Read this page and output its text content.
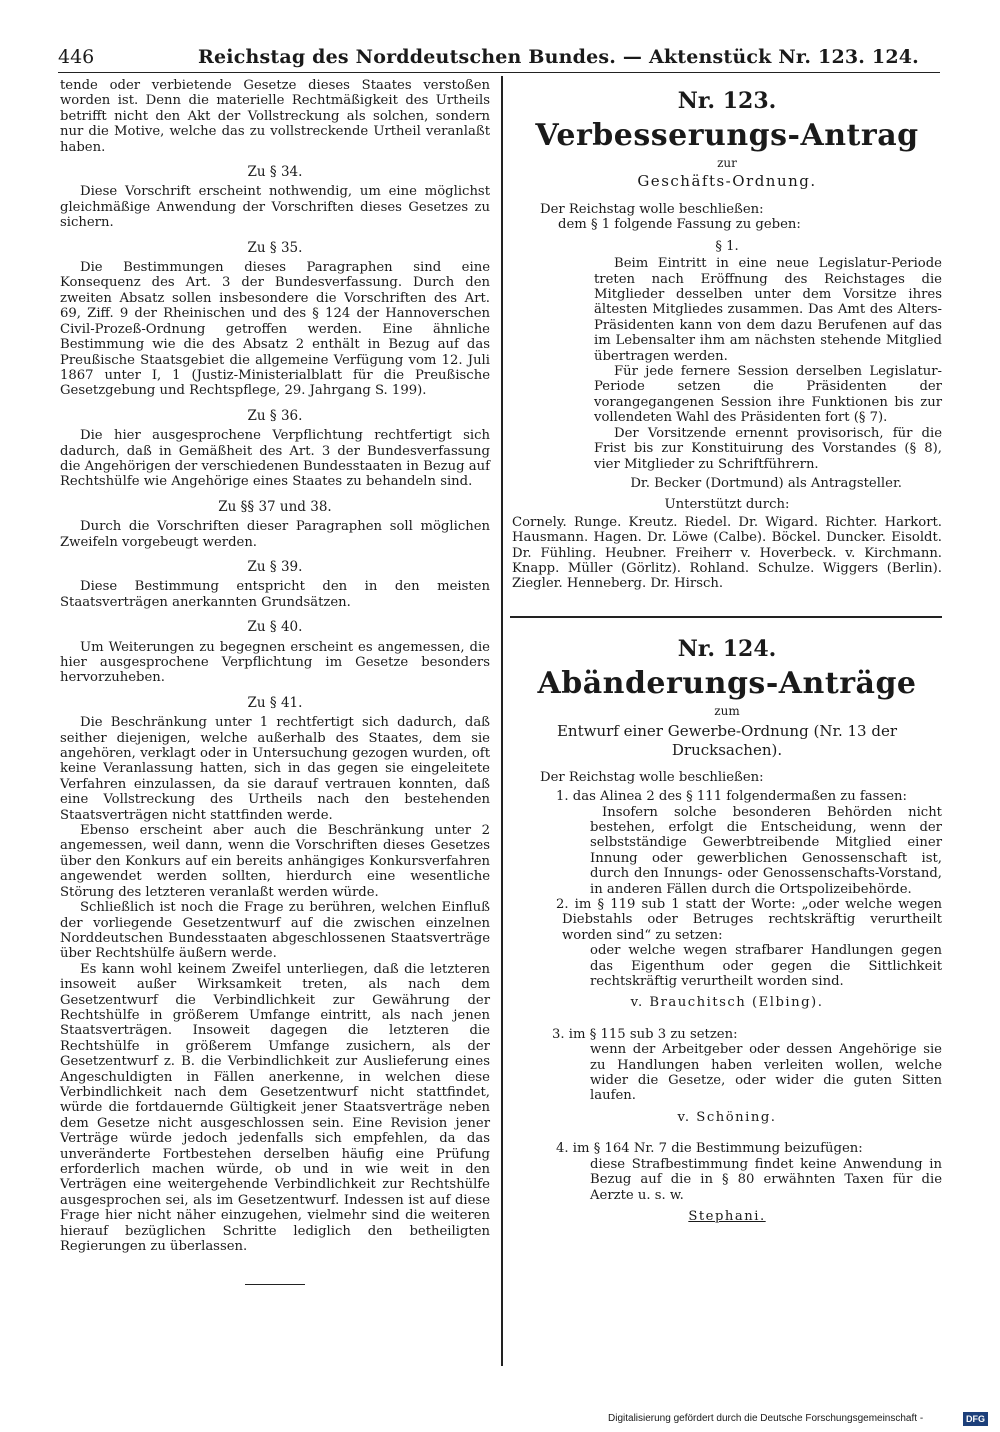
446	Reichstag des Norddeutschen Bundes. — Aktenstück Nr. 123. 124.

tende oder verbietende Gesetze dieses Staates verstoßen worden ist. Denn die materielle Rechtmäßigkeit des Urtheils betrifft nicht den Akt der Vollstreckung als solchen, sondern nur die Motive, welche das zu vollstreckende Urtheil veranlaßt haben.

Zu § 34.

Diese Vorschrift erscheint nothwendig, um eine möglichst gleichmäßige Anwendung der Vorschriften dieses Gesetzes zu sichern.

Zu § 35.

Die Bestimmungen dieses Paragraphen sind eine Konsequenz des Art. 3 der Bundesverfassung. Durch den zweiten Absatz sollen insbesondere die Vorschriften des Art. 69, Ziff. 9 der Rheinischen und des § 124 der Hannoverschen Civil-Prozeß-Ordnung getroffen werden. Eine ähnliche Bestimmung wie die des Absatz 2 enthält in Bezug auf das Preußische Staatsgebiet die allgemeine Verfügung vom 12. Juli 1867 unter I, 1 (Justiz-Ministerialblatt für die Preußische Gesetzgebung und Rechtspflege, 29. Jahrgang S. 199).

Zu § 36.

Die hier ausgesprochene Verpflichtung rechtfertigt sich dadurch, daß in Gemäßheit des Art. 3 der Bundesverfassung die Angehörigen der verschiedenen Bundesstaaten in Bezug auf Rechtshülfe wie Angehörige eines Staates zu behandeln sind.

Zu §§ 37 und 38.

Durch die Vorschriften dieser Paragraphen soll möglichen Zweifeln vorgebeugt werden.

Zu § 39.

Diese Bestimmung entspricht den in den meisten Staatsverträgen anerkannten Grundsätzen.

Zu § 40.

Um Weiterungen zu begegnen erscheint es angemessen, die hier ausgesprochene Verpflichtung im Gesetze besonders hervorzuheben.

Zu § 41.

Die Beschränkung unter 1 rechtfertigt sich dadurch, daß seither diejenigen, welche außerhalb des Staates, dem sie angehören, verklagt oder in Untersuchung gezogen wurden, oft keine Veranlassung hatten, sich in das gegen sie eingeleitete Verfahren einzulassen, da sie darauf vertrauen konnten, daß eine Vollstreckung des Urtheils nach den bestehenden Staatsverträgen nicht stattfinden werde.

Ebenso erscheint aber auch die Beschränkung unter 2 angemessen, weil dann, wenn die Vorschriften dieses Gesetzes über den Konkurs auf ein bereits anhängiges Konkursverfahren angewendet werden sollten, hierdurch eine wesentliche Störung des letzteren veranlaßt werden würde.

Schließlich ist noch die Frage zu berühren, welchen Einfluß der vorliegende Gesetzentwurf auf die zwischen einzelnen Norddeutschen Bundesstaaten abgeschlossenen Staatsverträge über Rechtshülfe äußern werde.

Es kann wohl keinem Zweifel unterliegen, daß die letzteren insoweit außer Wirksamkeit treten, als nach dem Gesetzentwurf die Verbindlichkeit zur Gewährung der Rechtshülfe in größerem Umfange eintritt, als nach jenen Staatsverträgen. Insoweit dagegen die letzteren die Rechtshülfe in größerem Umfange zusichern, als der Gesetzentwurf z. B. die Verbindlichkeit zur Auslieferung eines Angeschuldigten in Fällen anerkenne, in welchen diese Verbindlichkeit nach dem Gesetzentwurf nicht stattfindet, würde die fortdauernde Gültigkeit jener Staatsverträge neben dem Gesetze nicht ausgeschlossen sein. Eine Revision jener Verträge würde jedoch jedenfalls sich empfehlen, da das unveränderte Fortbestehen derselben häufig eine Prüfung erforderlich machen würde, ob und in wie weit in den Verträgen eine weitergehende Verbindlichkeit zur Rechtshülfe ausgesprochen sei, als im Gesetzentwurf. Indessen ist auf diese Frage hier nicht näher einzugehen, vielmehr sind die weiteren hierauf bezüglichen Schritte lediglich den betheiligten Regierungen zu überlassen.

Nr. 123.
Verbesserungs-Antrag
zur
Geschäfts-Ordnung.

Der Reichstag wolle beschließen:

dem § 1 folgende Fassung zu geben:

§ 1.

Beim Eintritt in eine neue Legislatur-Periode treten nach Eröffnung des Reichstages die Mitglieder desselben unter dem Vorsitze ihres ältesten Mitgliedes zusammen. Das Amt des Alters-Präsidenten kann von dem dazu Berufenen auf das im Lebensalter ihm am nächsten stehende Mitglied übertragen werden.

Für jede fernere Session derselben Legislatur-Periode setzen die Präsidenten der vorangegangenen Session ihre Funktionen bis zur vollendeten Wahl des Präsidenten fort (§ 7).

Der Vorsitzende ernennt provisorisch, für die Frist bis zur Konstituirung des Vorstandes (§ 8), vier Mitglieder zu Schriftführern.

Dr. Becker (Dortmund) als Antragsteller.
Unterstützt durch:

Cornely. Runge. Kreutz. Riedel. Dr. Wigard. Richter. Harkort. Hausmann. Hagen. Dr. Löwe (Calbe). Böckel. Duncker. Eisoldt. Dr. Fühling. Heubner. Freiherr v. Hoverbeck. v. Kirchmann. Knapp. Müller (Görlitz). Rohland. Schulze. Wiggers (Berlin). Ziegler. Henneberg. Dr. Hirsch.

Nr. 124.
Abänderungs-Anträge
zum
Entwurf einer Gewerbe-Ordnung (Nr. 13 der Drucksachen).

Der Reichstag wolle beschließen:

1. das Alinea 2 des § 111 folgendermaßen zu fassen:

Insofern solche besonderen Behörden nicht bestehen, erfolgt die Entscheidung, wenn der selbstständige Gewerbtreibende Mitglied einer Innung oder gewerblichen Genossenschaft ist, durch den Innungs- oder Genossenschafts-Vorstand, in anderen Fällen durch die Ortspolizeibehörde.

2. im § 119 sub 1 statt der Worte: „oder welche wegen Diebstahls oder Betruges rechtskräftig verurtheilt worden sind“ zu setzen:

oder welche wegen strafbarer Handlungen gegen das Eigenthum oder gegen die Sittlichkeit rechtskräftig verurtheilt worden sind.

v. Brauchitsch (Elbing).

3. im § 115 sub 3 zu setzen:

wenn der Arbeitgeber oder dessen Angehörige sie zu Handlungen haben verleiten wollen, welche wider die Gesetze, oder wider die guten Sitten laufen.

v. Schöning.

4. im § 164 Nr. 7 die Bestimmung beizufügen:

diese Strafbestimmung findet keine Anwendung in Bezug auf die in § 80 erwähnten Taxen für die Aerzte u. s. w.

Stephani.
Digitalisierung gefördert durch die Deutsche Forschungsgemeinschaft -	DFG
